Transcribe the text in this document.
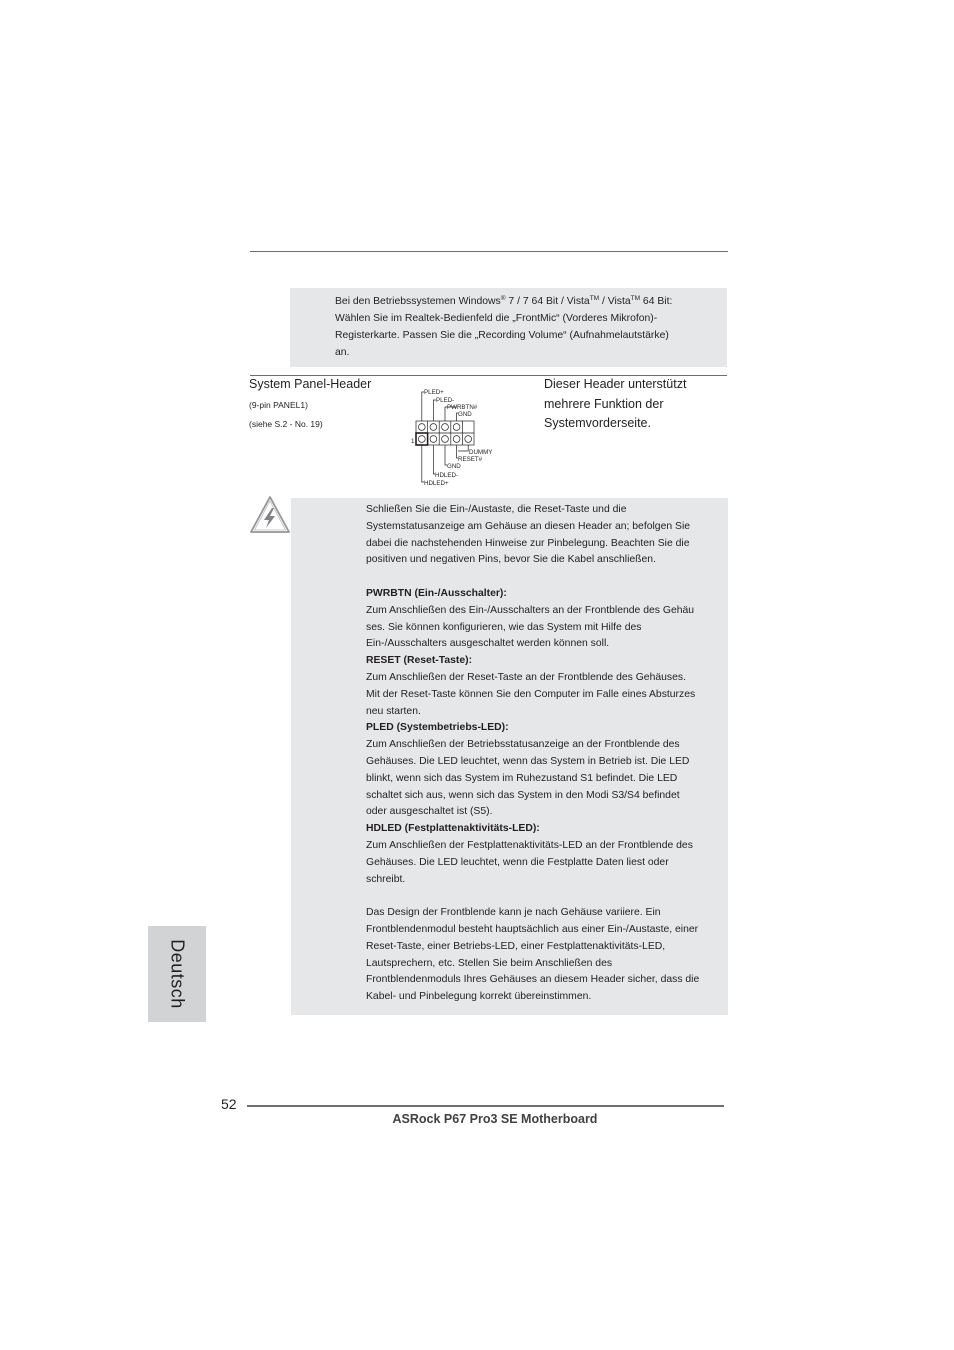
Bei den Betriebssystemen Windows® 7 / 7 64 Bit / Vista™ / Vista™ 64 Bit:
Wählen Sie im Realtek-Bedienfeld die „FrontMic“ (Vorderes Mikrofon)-
Registerkarte. Passen Sie die „Recording Volume“ (Aufnahmelautstärke)
an.
System Panel-Header
(9-pin PANEL1)
(siehe S.2 - No. 19)
Dieser Header unterstützt
mehrere Funktion der
Systemvorderseite.
PLED+
PLED-
PWRBTN#
GND
DUMMY
RESET#
GND
HDLED-
HDLED+
1

Schließen Sie die Ein-/Austaste, die Reset-Taste und die

Systemstatusanzeige am Gehäuse an diesen Header an; befolgen Sie

dabei die nachstehenden Hinweise zur Pinbelegung. Beachten Sie die

positiven und negativen Pins, bevor Sie die Kabel anschließen.

PWRBTN (Ein-/Ausschalter):

Zum Anschließen des Ein-/Ausschalters an der Frontblende des Gehäu

ses. Sie können konfigurieren, wie das System mit Hilfe des

Ein-/Ausschalters ausgeschaltet werden können soll.

RESET (Reset-Taste):

Zum Anschließen der Reset-Taste an der Frontblende des Gehäuses.

Mit der Reset-Taste können Sie den Computer im Falle eines Absturzes

neu starten.

PLED (Systembetriebs-LED):

Zum Anschließen der Betriebsstatusanzeige an der Frontblende des

Gehäuses. Die LED leuchtet, wenn das System in Betrieb ist. Die LED

blinkt, wenn sich das System im Ruhezustand S1 befindet. Die LED

schaltet sich aus, wenn sich das System in den Modi S3/S4 befindet

oder ausgeschaltet ist (S5).

HDLED (Festplattenaktivitäts-LED):

Zum Anschließen der Festplattenaktivitäts-LED an der Frontblende des

Gehäuses. Die LED leuchtet, wenn die Festplatte Daten liest oder

schreibt.

Das Design der Frontblende kann je nach Gehäuse variiere. Ein

Frontblendenmodul besteht hauptsächlich aus einer Ein-/Austaste, einer

Reset-Taste, einer Betriebs-LED, einer Festplattenaktivitäts-LED,

Lautsprechern, etc. Stellen Sie beim Anschließen des

Frontblendenmoduls Ihres Gehäuses an diesem Header sicher, dass die

Kabel- und Pinbelegung korrekt übereinstimmen.

Deutsch
52
ASRock P67 Pro3 SE Motherboard
